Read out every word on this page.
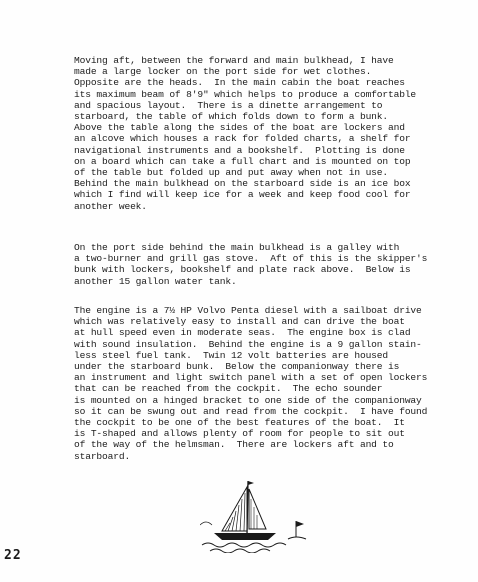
Moving aft, between the forward and main bulkhead, I have
made a large locker on the port side for wet clothes.
Opposite are the heads.  In the main cabin the boat reaches
its maximum beam of 8'9" which helps to produce a comfortable
and spacious layout.  There is a dinette arrangement to
starboard, the table of which folds down to form a bunk.
Above the table along the sides of the boat are lockers and
an alcove which houses a rack for folded charts, a shelf for
navigational instruments and a bookshelf.  Plotting is done
on a board which can take a full chart and is mounted on top
of the table but folded up and put away when not in use.
Behind the main bulkhead on the starboard side is an ice box
which I find will keep ice for a week and keep food cool for
another week.
On the port side behind the main bulkhead is a galley with
a two-burner and grill gas stove.  Aft of this is the skipper's
bunk with lockers, bookshelf and plate rack above.  Below is
another 15 gallon water tank.
The engine is a 7½ HP Volvo Penta diesel with a sailboat drive
which was relatively easy to install and can drive the boat
at hull speed even in moderate seas.  The engine box is clad
with sound insulation.  Behind the engine is a 9 gallon stain-
less steel fuel tank.  Twin 12 volt batteries are housed
under the starboard bunk.  Below the companionway there is
an instrument and light switch panel with a set of open lockers
that can be reached from the cockpit.  The echo sounder
is mounted on a hinged bracket to one side of the companionway
so it can be swung out and read from the cockpit.  I have found
the cockpit to be one of the best features of the boat.  It
is T-shaped and allows plenty of room for people to sit out
of the way of the helmsman.  There are lockers aft and to
starboard.
22
